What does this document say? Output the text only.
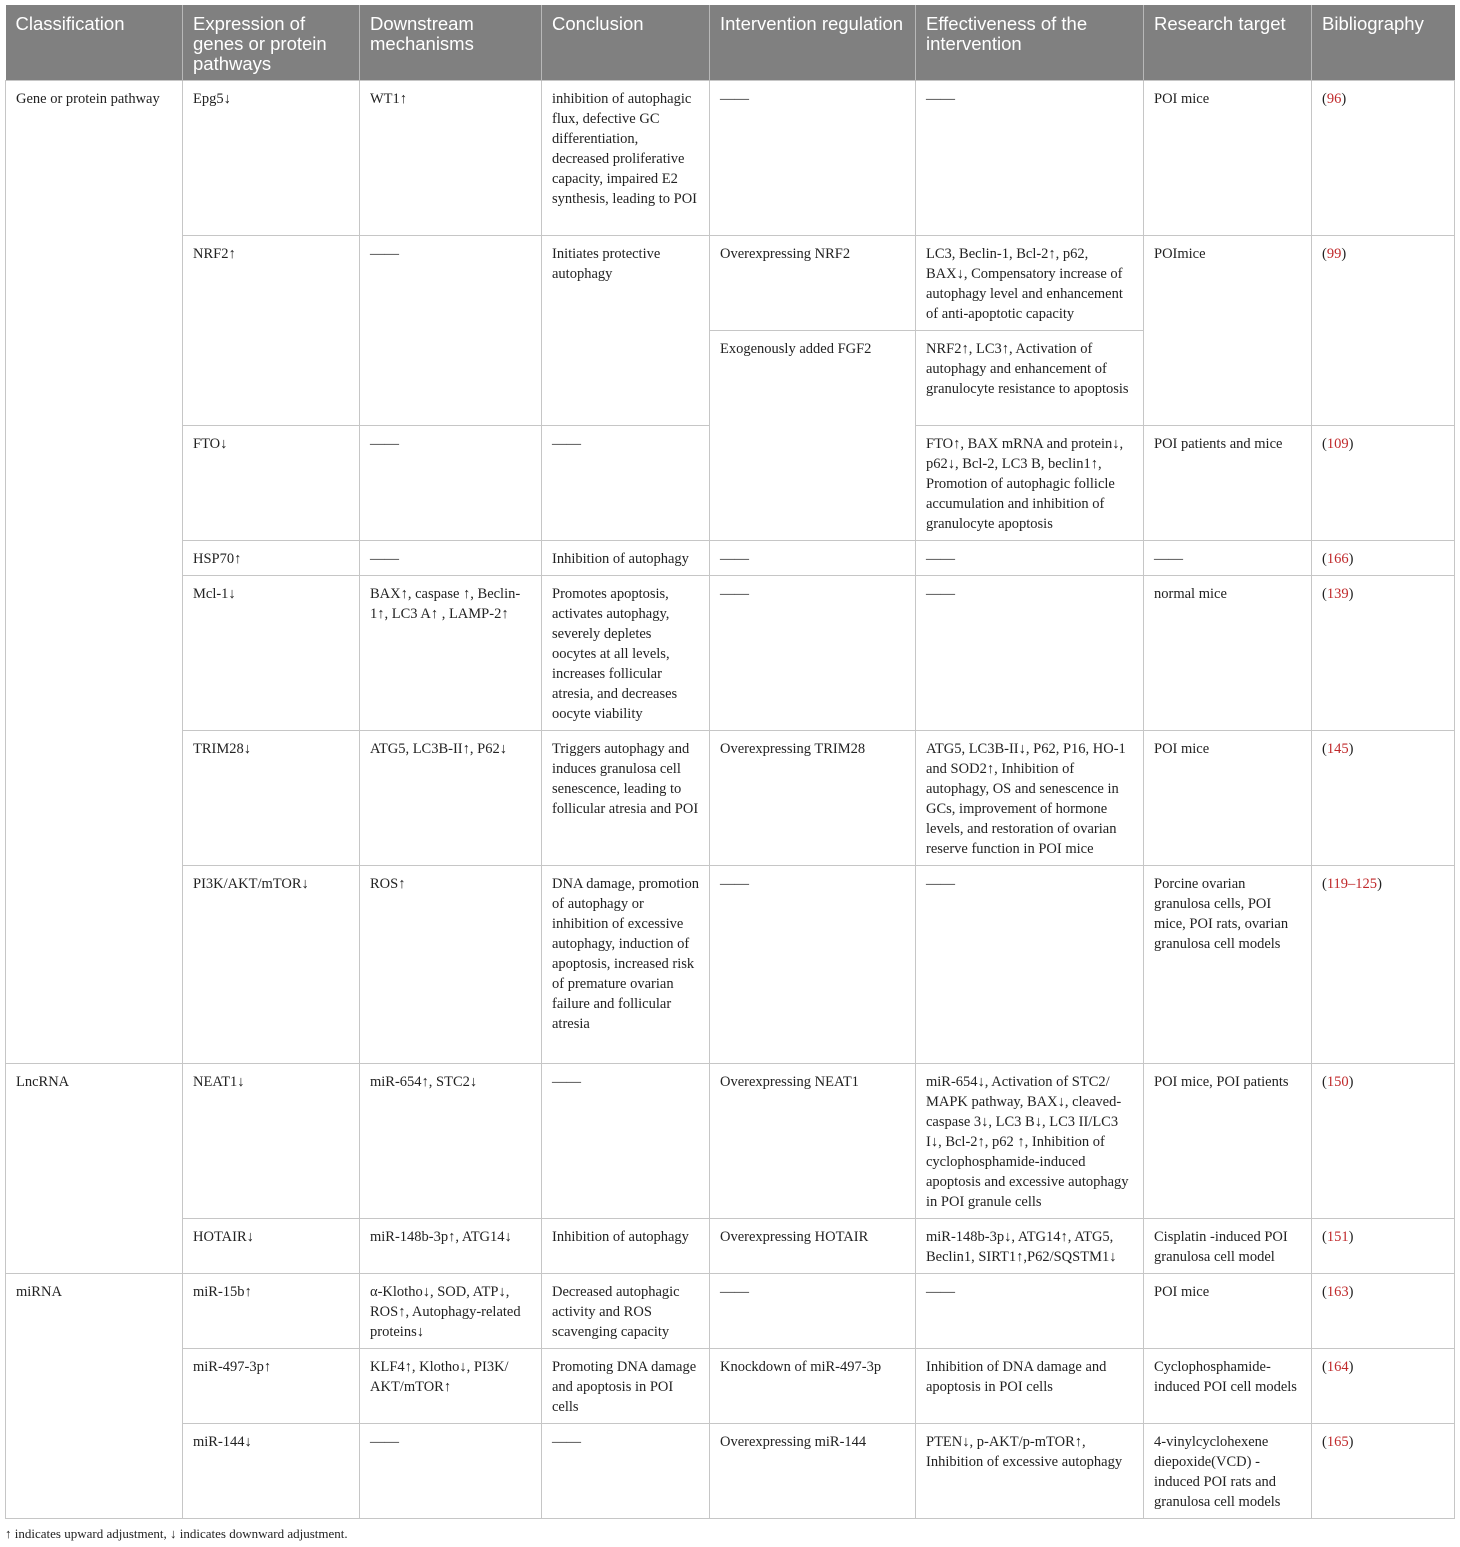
Classification	Expression of genes or protein pathways	Downstream mechanisms	Conclusion	Intervention regulation	Effectiveness of the intervention	Research target	Bibliography
Gene or protein pathway	Epg5↓	WT1↑	inhibition of autophagic flux, defective GC differentiation, decreased proliferative capacity, impaired E2 synthesis, leading to POI	——	——	POI mice	(96)
	NRF2↑	——	Initiates protective autophagy	Overexpressing NRF2	LC3, Beclin-1, Bcl-2↑, p62, BAX↓, Compensatory increase of autophagy level and enhancement of anti-apoptotic capacity	POImice	(99)
				Exogenously added FGF2	NRF2↑, LC3↑, Activation of autophagy and enhancement of granulocyte resistance to apoptosis		
	FTO↓	——	——		FTO↑, BAX mRNA and protein↓, p62↓, Bcl-2, LC3 B, beclin1↑, Promotion of autophagic follicle accumulation and inhibition of granulocyte apoptosis	POI patients and mice	(109)
	HSP70↑	——	Inhibition of autophagy	——	——	——	(166)
	Mcl-1↓	BAX↑, caspase ↑, Beclin-1↑, LC3 A↑ , LAMP-2↑	Promotes apoptosis, activates autophagy, severely depletes oocytes at all levels, increases follicular atresia, and decreases oocyte viability	——	——	normal mice	(139)
	TRIM28↓	ATG5, LC3B-II↑, P62↓	Triggers autophagy and induces granulosa cell senescence, leading to follicular atresia and POI	Overexpressing TRIM28	ATG5, LC3B-II↓, P62, P16, HO-1 and SOD2↑, Inhibition of autophagy, OS and senescence in GCs, improvement of hormone levels, and restoration of ovarian reserve function in POI mice	POI mice	(145)
	PI3K/AKT/mTOR↓	ROS↑	DNA damage, promotion of autophagy or inhibition of excessive autophagy, induction of apoptosis, increased risk of premature ovarian failure and follicular atresia	——	——	Porcine ovarian granulosa cells, POI mice, POI rats, ovarian granulosa cell models	(119–125)
LncRNA	NEAT1↓	miR-654↑, STC2↓	——	Overexpressing NEAT1	miR-654↓, Activation of STC2/ MAPK pathway, BAX↓, cleaved-caspase 3↓, LC3 B↓, LC3 II/LC3 I↓, Bcl-2↑, p62 ↑, Inhibition of cyclophosphamide-induced apoptosis and excessive autophagy in POI granule cells	POI mice, POI patients	(150)
	HOTAIR↓	miR-148b-3p↑, ATG14↓	Inhibition of autophagy	Overexpressing HOTAIR	miR-148b-3p↓, ATG14↑, ATG5, Beclin1, SIRT1↑,P62/SQSTM1↓	Cisplatin -induced POI granulosa cell model	(151)
miRNA	miR-15b↑	α-Klotho↓, SOD, ATP↓, ROS↑, Autophagy-related proteins↓	Decreased autophagic activity and ROS scavenging capacity	——	——	POI mice	(163)
	miR-497-3p↑	KLF4↑, Klotho↓, PI3K/ AKT/mTOR↑	Promoting DNA damage and apoptosis in POI cells	Knockdown of miR-497-3p	Inhibition of DNA damage and apoptosis in POI cells	Cyclophosphamide-induced POI cell models	(164)
	miR-144↓	——	——	Overexpressing miR-144	PTEN↓, p-AKT/p-mTOR↑, Inhibition of excessive autophagy	4-vinylcyclohexene diepoxide(VCD) -induced POI rats and granulosa cell models	(165)
↑ indicates upward adjustment, ↓ indicates downward adjustment.
